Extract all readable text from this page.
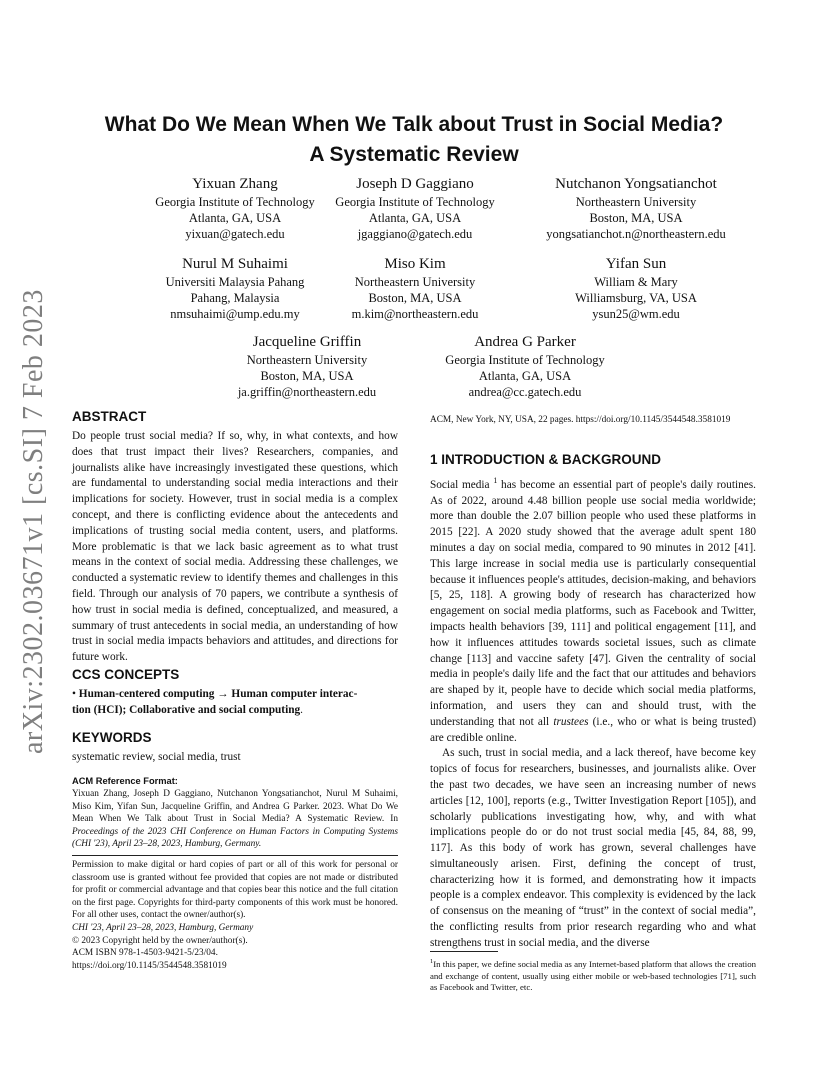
arXiv:2302.03671v1 [cs.SI] 7 Feb 2023
What Do We Mean When We Talk about Trust in Social Media?
A Systematic Review
Yixuan Zhang
Georgia Institute of Technology
Atlanta, GA, USA
yixuan@gatech.edu
Joseph D Gaggiano
Georgia Institute of Technology
Atlanta, GA, USA
jgaggiano@gatech.edu
Nutchanon Yongsatianchot
Northeastern University
Boston, MA, USA
yongsatianchot.n@northeastern.edu
Nurul M Suhaimi
Universiti Malaysia Pahang
Pahang, Malaysia
nmsuhaimi@ump.edu.my
Miso Kim
Northeastern University
Boston, MA, USA
m.kim@northeastern.edu
Yifan Sun
William & Mary
Williamsburg, VA, USA
ysun25@wm.edu
Jacqueline Griffin
Northeastern University
Boston, MA, USA
ja.griffin@northeastern.edu
Andrea G Parker
Georgia Institute of Technology
Atlanta, GA, USA
andrea@cc.gatech.edu
ABSTRACT

Do people trust social media? If so, why, in what contexts, and how does that trust impact their lives? Researchers, companies, and journalists alike have increasingly investigated these questions, which are fundamental to understanding social media interactions and their implications for society. However, trust in social media is a complex concept, and there is conflicting evidence about the antecedents and implications of trusting social media content, users, and platforms. More problematic is that we lack basic agreement as to what trust means in the context of social media. Addressing these challenges, we conducted a systematic review to identify themes and challenges in this field. Through our analysis of 70 papers, we contribute a synthesis of how trust in social media is defined, conceptualized, and measured, a summary of trust antecedents in social media, an understanding of how trust in social media impacts behaviors and attitudes, and directions for future work.

CCS CONCEPTS
• Human-centered computing → Human computer interac-
tion (HCI); Collaborative and social computing.
KEYWORDS

systematic review, social media, trust

ACM Reference Format:

Yixuan Zhang, Joseph D Gaggiano, Nutchanon Yongsatianchot, Nurul M Suhaimi, Miso Kim, Yifan Sun, Jacqueline Griffin, and Andrea G Parker. 2023. What Do We Mean When We Talk about Trust in Social Media? A Systematic Review. In Proceedings of the 2023 CHI Conference on Human Factors in Computing Systems (CHI '23), April 23–28, 2023, Hamburg, Germany.

Permission to make digital or hard copies of part or all of this work for personal or classroom use is granted without fee provided that copies are not made or distributed for profit or commercial advantage and that copies bear this notice and the full citation on the first page. Copyrights for third-party components of this work must be honored. For all other uses, contact the owner/author(s).

CHI '23, April 23–28, 2023, Hamburg, Germany

© 2023 Copyright held by the owner/author(s).

ACM ISBN 978-1-4503-9421-5/23/04.

https://doi.org/10.1145/3544548.3581019

ACM, New York, NY, USA, 22 pages. https://doi.org/10.1145/3544548.3581019

1 INTRODUCTION & BACKGROUND

Social media $^1$ has become an essential part of people's daily routines. As of 2022, around 4.48 billion people use social media worldwide; more than double the 2.07 billion people who used these platforms in 2015 [22]. A 2020 study showed that the average adult spent 180 minutes a day on social media, compared to 90 minutes in 2012 [41]. This large increase in social media use is particularly consequential because it influences people's attitudes, decision-making, and behaviors [5, 25, 118]. A growing body of research has characterized how engagement on social media platforms, such as Facebook and Twitter, impacts health behaviors [39, 111] and political engagement [11], and how it influences attitudes towards societal issues, such as climate change [113] and vaccine safety [47]. Given the centrality of social media in people's daily life and the fact that our attitudes and behaviors are shaped by it, people have to decide which social media platforms, information, and users they can and should trust, with the understanding that not all trustees (i.e., who or what is being trusted) are credible online.

As such, trust in social media, and a lack thereof, have become key topics of focus for researchers, businesses, and journalists alike. Over the past two decades, we have seen an increasing number of news articles [12, 100], reports (e.g., Twitter Investigation Report [105]), and scholarly publications investigating how, why, and with what implications people do or do not trust social media [45, 84, 88, 99, 117]. As this body of work has grown, several challenges have simultaneously arisen. First, defining the concept of trust, characterizing how it is formed, and demonstrating how it impacts people is a complex endeavor. This complexity is evidenced by the lack of consensus on the meaning of “trust” in the context of social media”, the conflicting results from prior research regarding who and what strengthens trust in social media, and the diverse

$^1$In this paper, we define social media as any Internet-based platform that allows the creation and exchange of content, usually using either mobile or web-based technologies [71], such as Facebook and Twitter, etc.
